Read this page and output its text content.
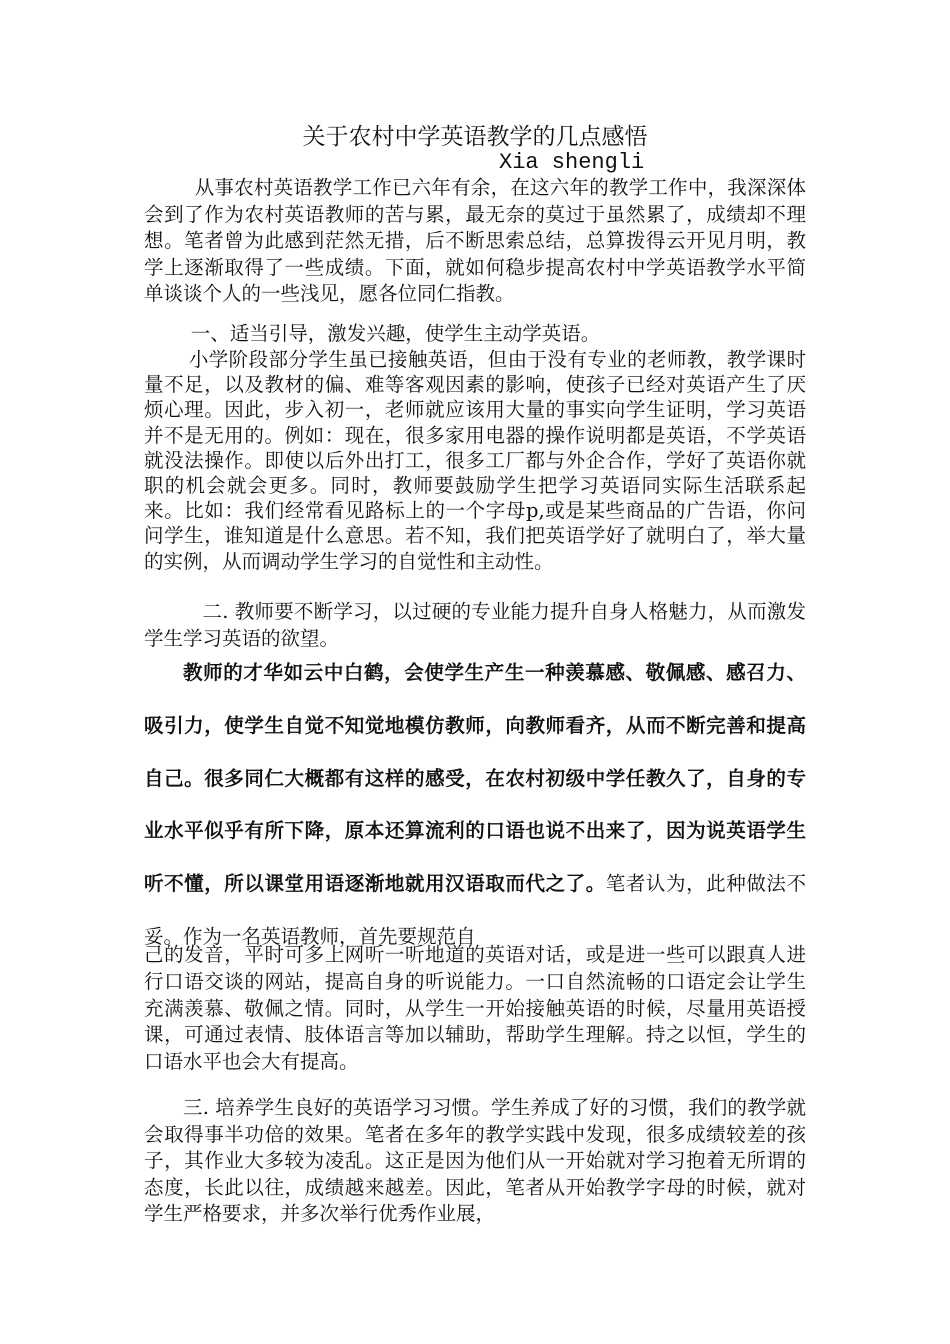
关于农村中学英语教学的几点感悟
Xia shengli

从事农村英语教学工作已六年有余，在这六年的教学工作中，我深深体会到了作为农村英语教师的苦与累，最无奈的莫过于虽然累了，成绩却不理想。笔者曾为此感到茫然无措，后不断思索总结，总算拨得云开见月明，教学上逐渐取得了一些成绩。下面，就如何稳步提高农村中学英语教学水平简单谈谈个人的一些浅见，愿各位同仁指教。

一、适当引导，激发兴趣，使学生主动学英语。

小学阶段部分学生虽已接触英语，但由于没有专业的老师教，教学课时量不足，以及教材的偏、难等客观因素的影响，使孩子已经对英语产生了厌烦心理。因此，步入初一，老师就应该用大量的事实向学生证明，学习英语并不是无用的。例如：现在，很多家用电器的操作说明都是英语，不学英语就没法操作。即使以后外出打工，很多工厂都与外企合作，学好了英语你就职的机会就会更多。同时，教师要鼓励学生把学习英语同实际生活联系起来。比如：我们经常看见路标上的一个字母p,或是某些商品的广告语，你问问学生，谁知道是什么意思。若不知，我们把英语学好了就明白了，举大量的实例，从而调动学生学习的自觉性和主动性。

二. 教师要不断学习，以过硬的专业能力提升自身人格魅力，从而激发学生学习英语的欲望。

教师的才华如云中白鹤，会使学生产生一种羡慕感、敬佩感、感召力、吸引力，使学生自觉不知觉地模仿教师，向教师看齐，从而不断完善和提高自己。很多同仁大概都有这样的感受，在农村初级中学任教久了，自身的专业水平似乎有所下降，原本还算流利的口语也说不出来了，因为说英语学生听不懂，所以课堂用语逐渐地就用汉语取而代之了。笔者认为，此种做法不妥。作为一名英语教师，首先要规范自

己的发音，平时可多上网听一听地道的英语对话，或是进一些可以跟真人进行口语交谈的网站，提高自身的听说能力。一口自然流畅的口语定会让学生充满羡慕、敬佩之情。同时，从学生一开始接触英语的时候，尽量用英语授课，可通过表情、肢体语言等加以辅助，帮助学生理解。持之以恒，学生的口语水平也会大有提高。

三. 培养学生良好的英语学习习惯。学生养成了好的习惯，我们的教学就会取得事半功倍的效果。笔者在多年的教学实践中发现，很多成绩较差的孩子，其作业大多较为凌乱。这正是因为他们从一开始就对学习抱着无所谓的态度，长此以往，成绩越来越差。因此，笔者从开始教学字母的时候，就对学生严格要求，并多次举行优秀作业展，
